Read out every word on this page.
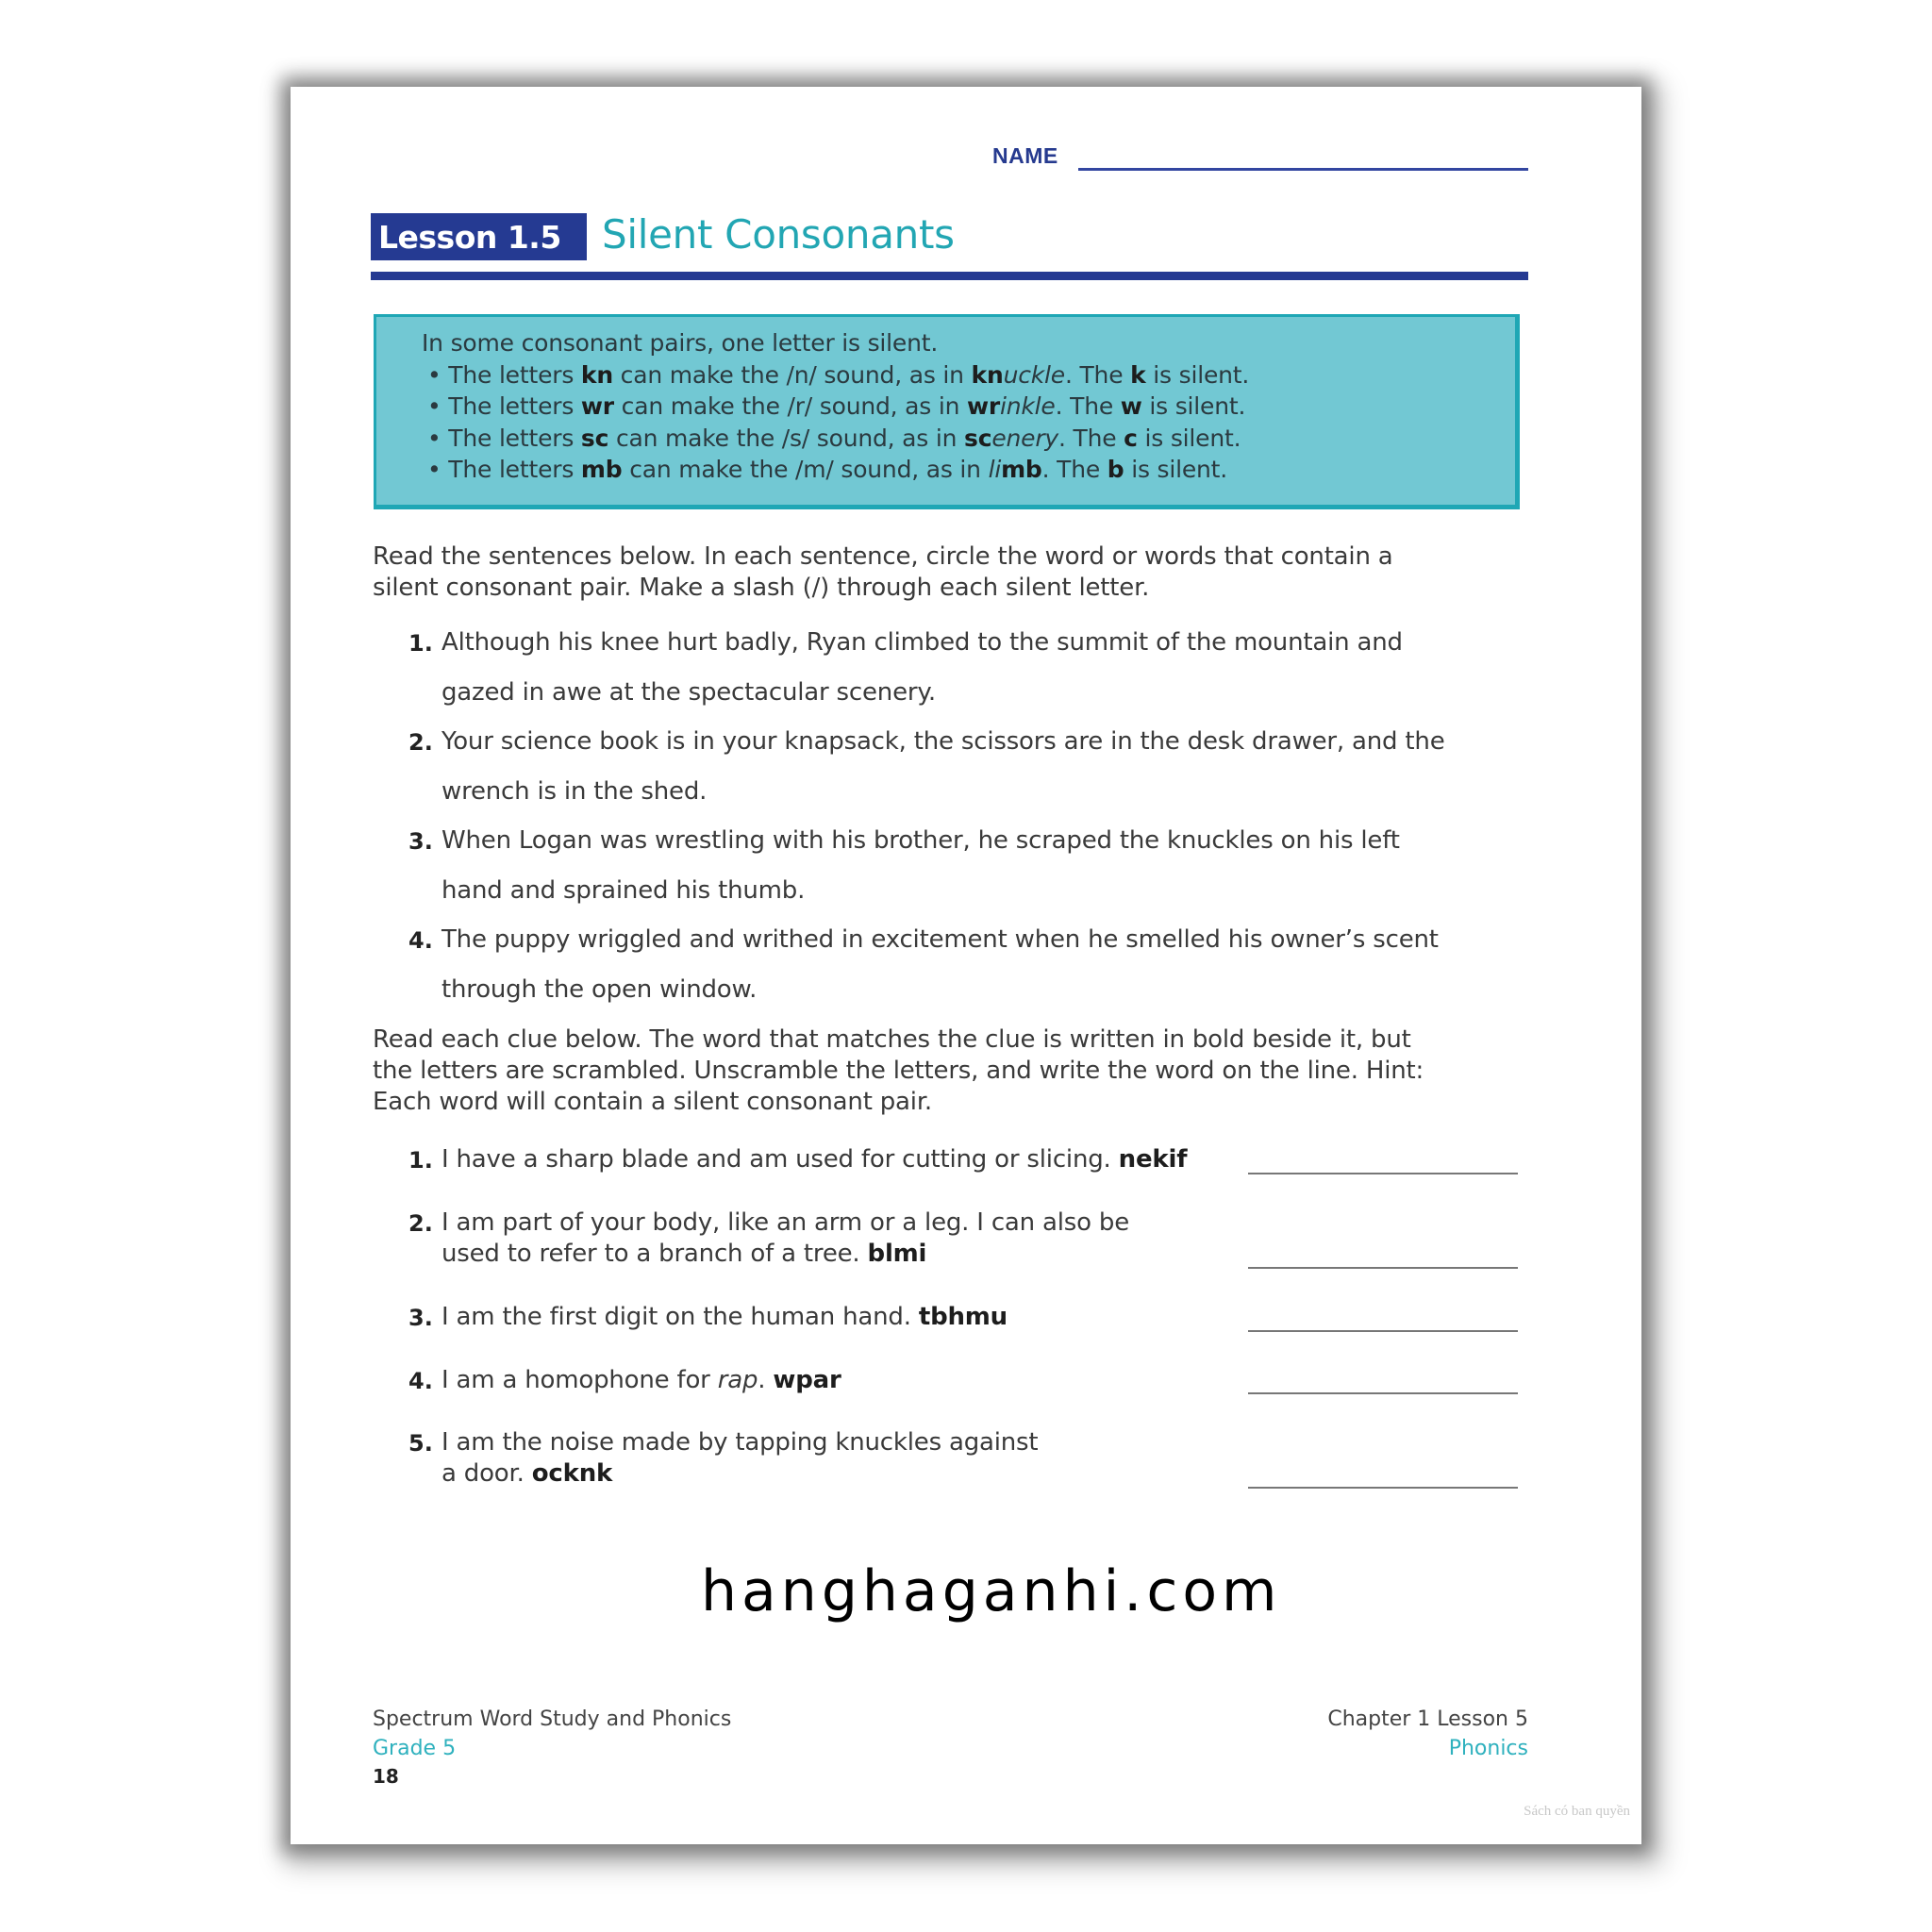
NAME
Lesson 1.5 Silent Consonants
In some consonant pairs, one letter is silent.
• The letters kn can make the /n/ sound, as in knuckle. The k is silent.
• The letters wr can make the /r/ sound, as in wrinkle. The w is silent.
• The letters sc can make the /s/ sound, as in scenery. The c is silent.
• The letters mb can make the /m/ sound, as in limb. The b is silent.
Read the sentences below. In each sentence, circle the word or words that contain a
silent consonant pair. Make a slash (/) through each silent letter.
1. Although his knee hurt badly, Ryan climbed to the summit of the mountain and
gazed in awe at the spectacular scenery.
2. Your science book is in your knapsack, the scissors are in the desk drawer, and the
wrench is in the shed.
3. When Logan was wrestling with his brother, he scraped the knuckles on his left
hand and sprained his thumb.
4. The puppy wriggled and writhed in excitement when he smelled his owner’s scent
through the open window.
Read each clue below. The word that matches the clue is written in bold beside it, but
the letters are scrambled. Unscramble the letters, and write the word on the line. Hint:
Each word will contain a silent consonant pair.
1. I have a sharp blade and am used for cutting or slicing. nekif
2. I am part of your body, like an arm or a leg. I can also be
used to refer to a branch of a tree. blmi
3. I am the first digit on the human hand. tbhmu
4. I am a homophone for rap. wpar
5. I am the noise made by tapping knuckles against
a door. ocknk
hanghaganhi.com
Spectrum Word Study and Phonics
Grade 5
18
Chapter 1 Lesson 5
Phonics
Sách có ban quyền
